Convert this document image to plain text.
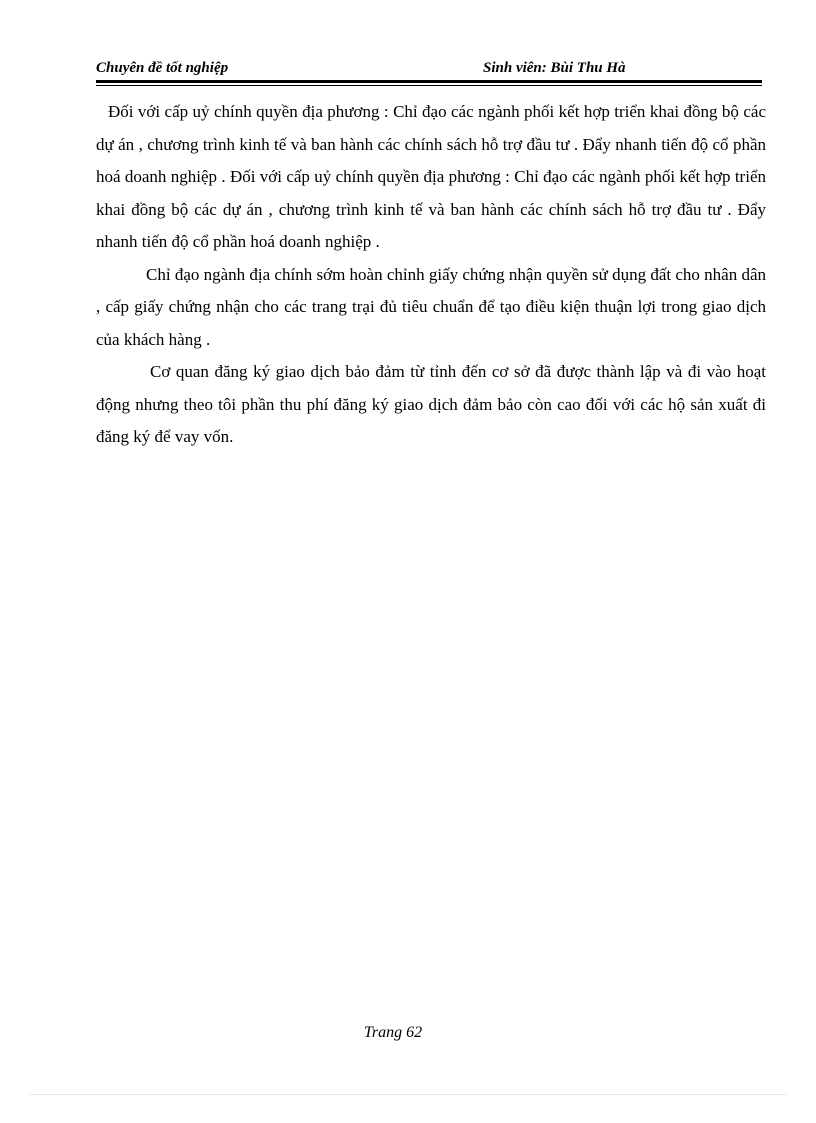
Chuyên đề tốt nghiệp	Sinh viên: Bùi Thu Hà

Đối với cấp uỷ chính quyền địa phương : Chỉ đạo các ngành phối kết hợp triển khai đồng bộ các dự án , chương trình kinh tế và ban hành các chính sách hỗ trợ đầu tư . Đẩy nhanh tiến độ cổ phần hoá doanh nghiệp . Đối với cấp uỷ chính quyền địa phương : Chỉ đạo các ngành phối kết hợp triển khai đồng bộ các dự án , chương trình kinh tế và ban hành các chính sách hỗ trợ đầu tư . Đẩy nhanh tiến độ cổ phần hoá doanh nghiệp .

Chỉ đạo ngành địa chính sớm hoàn chỉnh giấy chứng nhận quyền sử dụng đất cho nhân dân , cấp giấy chứng nhận cho các trang trại đủ tiêu chuẩn để tạo điều kiện thuận lợi trong giao dịch của khách hàng .

Cơ quan đăng ký giao dịch bảo đảm từ tỉnh đến cơ sở đã được thành lập và đi vào hoạt động nhưng theo tôi phần thu phí đăng ký giao dịch đảm bảo còn cao đối với các hộ sản xuất đi đăng ký để vay vốn.

Trang 62
